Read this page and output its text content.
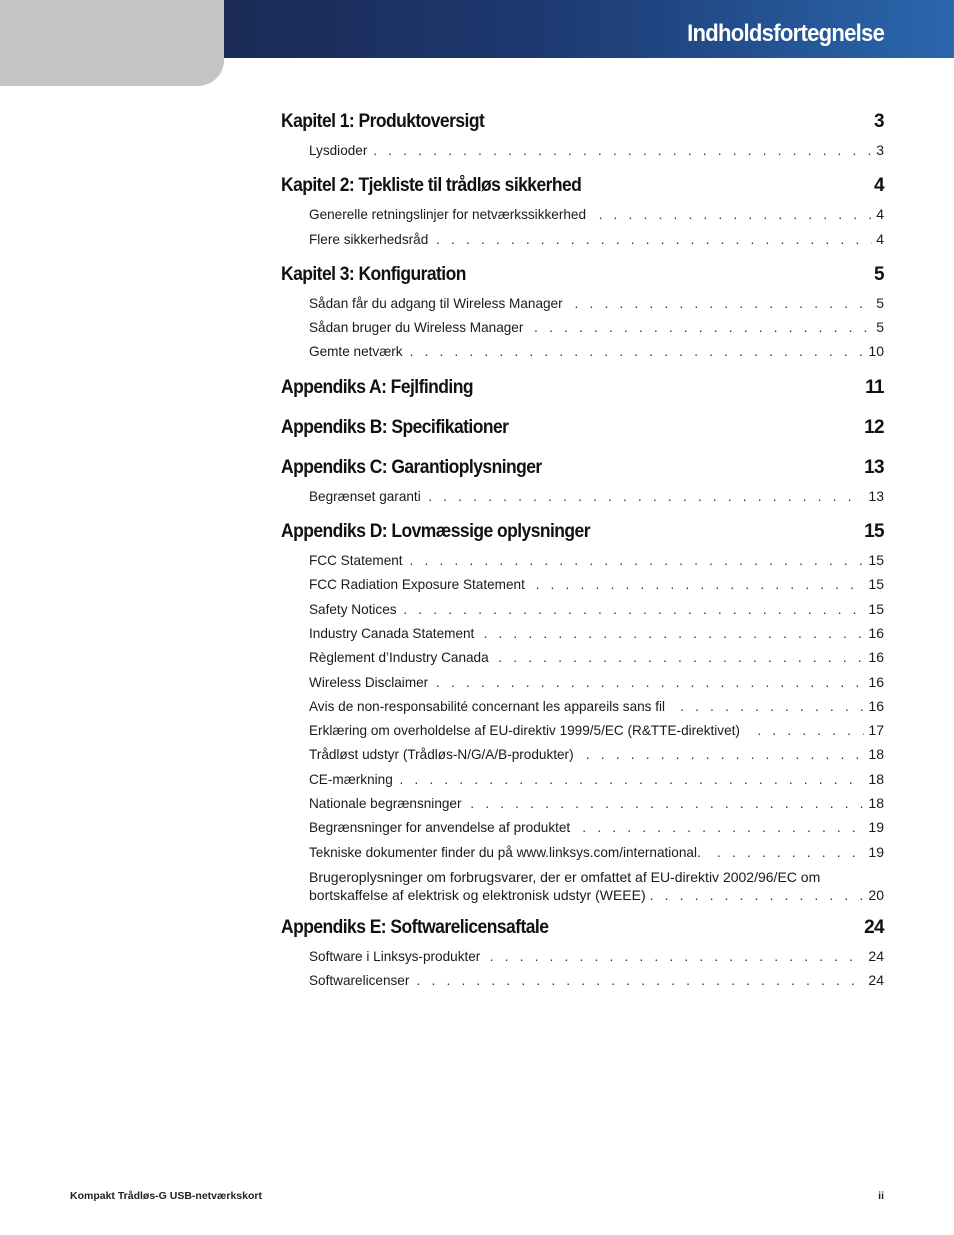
Indholdsfortegnelse
Kapitel 1: Produktoversigt	3
Lysdioder . . .	3
Kapitel 2: Tjekliste til trådløs sikkerhed	4
Generelle retningslinjer for netværkssikkerhed . . .	4
Flere sikkerhedsråd . . .	4
Kapitel 3: Konfiguration	5
Sådan får du adgang til Wireless Manager . . .	5
Sådan bruger du Wireless Manager . . .	5
Gemte netværk . . .	10
Appendiks A: Fejlfinding	11
Appendiks B: Specifikationer	12
Appendiks C: Garantioplysninger	13
Begrænset garanti . . .	13
Appendiks D: Lovmæssige oplysninger	15
FCC Statement . . .	15
FCC Radiation Exposure Statement . . .	15
Safety Notices . . .	15
Industry Canada Statement . . .	16
Règlement d’Industry Canada . . .	16
Wireless Disclaimer . . .	16
Avis de non-responsabilité concernant les appareils sans fil . . .	16
Erklæring om overholdelse af EU-direktiv 1999/5/EC (R&TTE-direktivet) . . .	17
Trådløst udstyr (Trådløs-N/G/A/B-produkter) . . .	18
CE-mærkning . . .	18
Nationale begrænsninger . . .	18
Begrænsninger for anvendelse af produktet . . .	19
Tekniske dokumenter finder du på www.linksys.com/international. . . .	19
Brugeroplysninger om forbrugsvarer, der er omfattet af EU-direktiv 2002/96/EC om
bortskaffelse af elektrisk og elektronisk udstyr (WEEE) . . .	20
Appendiks E: Softwarelicensaftale	24
Software i Linksys-produkter . . .	24
Softwarelicenser . . .	24
Kompakt Trådløs-G USB-netværkskort	ii
